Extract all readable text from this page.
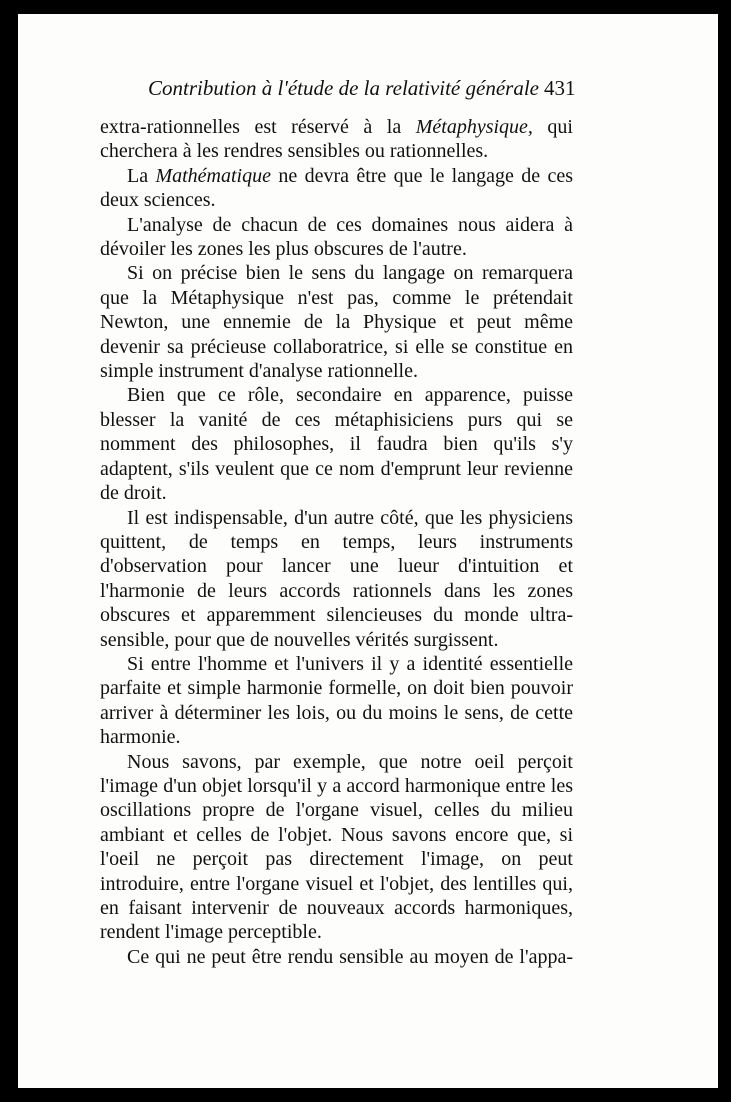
Contribution à l'étude de la relativité générale 431

extra-rationnelles est réservé à la Métaphysique, qui cherchera à les rendres sensibles ou rationnelles.

La Mathématique ne devra être que le langage de ces deux sciences.

L'analyse de chacun de ces domaines nous aidera à dévoiler les zones les plus obscures de l'autre.

Si on précise bien le sens du langage on remarquera que la Métaphysique n'est pas, comme le prétendait Newton, une ennemie de la Physique et peut même devenir sa précieuse collaboratrice, si elle se constitue en simple instrument d'analyse rationnelle.

Bien que ce rôle, secondaire en apparence, puisse blesser la vanité de ces métaphisiciens purs qui se nomment des philosophes, il faudra bien qu'ils s'y adaptent, s'ils veulent que ce nom d'emprunt leur revienne de droit.

Il est indispensable, d'un autre côté, que les physiciens quittent, de temps en temps, leurs instruments d'observation pour lancer une lueur d'intuition et l'harmonie de leurs accords rationnels dans les zones obscures et apparemment silencieuses du monde ultra-sensible, pour que de nouvelles vérités surgissent.

Si entre l'homme et l'univers il y a identité essentielle parfaite et simple harmonie formelle, on doit bien pouvoir arriver à déterminer les lois, ou du moins le sens, de cette harmonie.

Nous savons, par exemple, que notre oeil perçoit l'image d'un objet lorsqu'il y a accord harmonique entre les oscillations propre de l'organe visuel, celles du milieu ambiant et celles de l'objet. Nous savons encore que, si l'oeil ne perçoit pas directement l'image, on peut introduire, entre l'organe visuel et l'objet, des lentilles qui, en faisant intervenir de nouveaux accords harmoniques, rendent l'image perceptible.

Ce qui ne peut être rendu sensible au moyen de l'appa-
